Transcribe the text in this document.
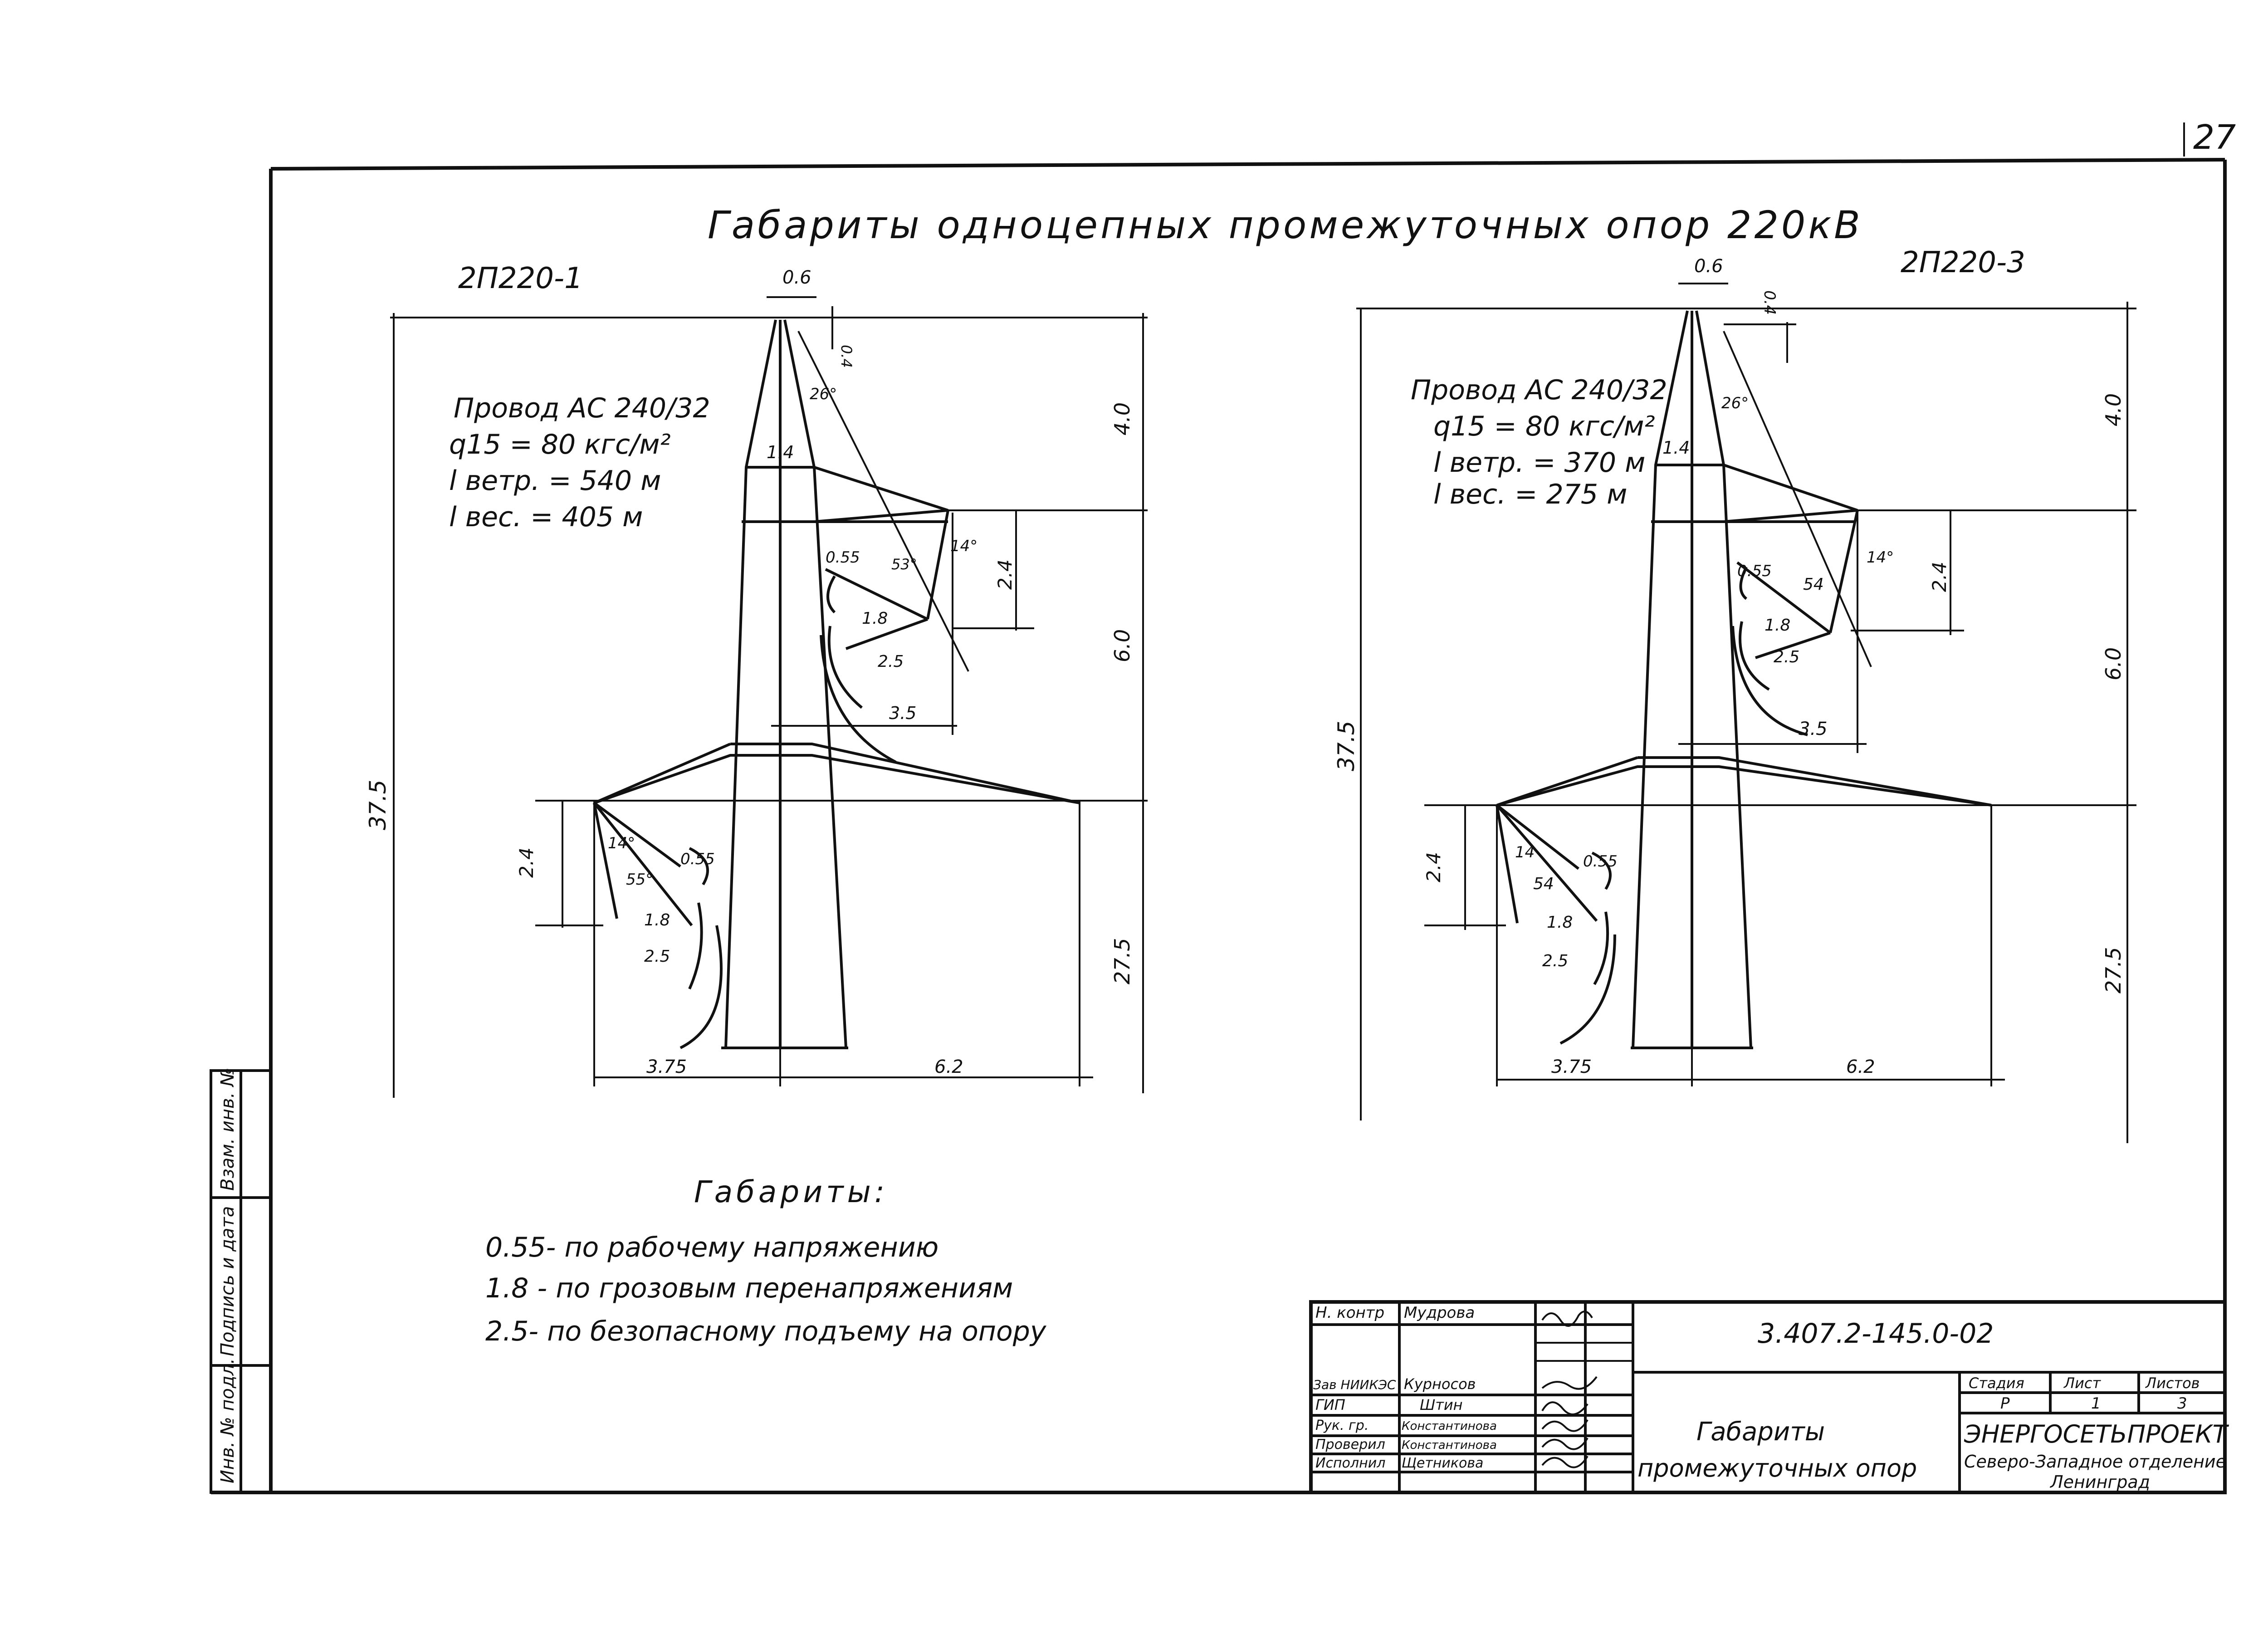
27
Инв. № подл.
Подпись и дата
Взам. инв. №
Габариты одноцепных промежуточных опор 220кВ
2П220-1
Провод АС 240/32
q15 = 80 кгс/м²
l ветр. = 540 м
l вес. = 405 м
0.6
0.4
26°
1.4
4.0
6.0
27.5
37.5
2.4
2.4
0.55
1.8
2.5
14°
53°
3.5
14°
55°
0.55
1.8
2.5
3.75	6.2
2П220-3
Провод АС 240/32
q15 = 80 кгс/м²
l ветр. = 370 м
l вес. = 275 м
0.6
0.4
26°
1.4
4.0
6.0
27.5
37.5
2.4
2.4
0.55
1.8
2.5
14°
54
3.5
14
54
0.55
1.8
2.5
3.75	6.2
Габариты:
0.55- по рабочему напряжению
1.8 - по грозовым перенапряжениям
2.5- по безопасному подъему на опору
Н. контр Мудрова
Зав НИИКЭС Курносов
ГИП	Штин
Рук. гр.	Константинова
Проверил Константинова
Исполнил Щетникова
3.407.2-145.0-02
Габариты
промежуточных опор
Стадия	Лист	Листов
Р	1	3
ЭНЕРГОСЕТЬПРОЕКТ
Северо-Западное отделение
Ленинград
